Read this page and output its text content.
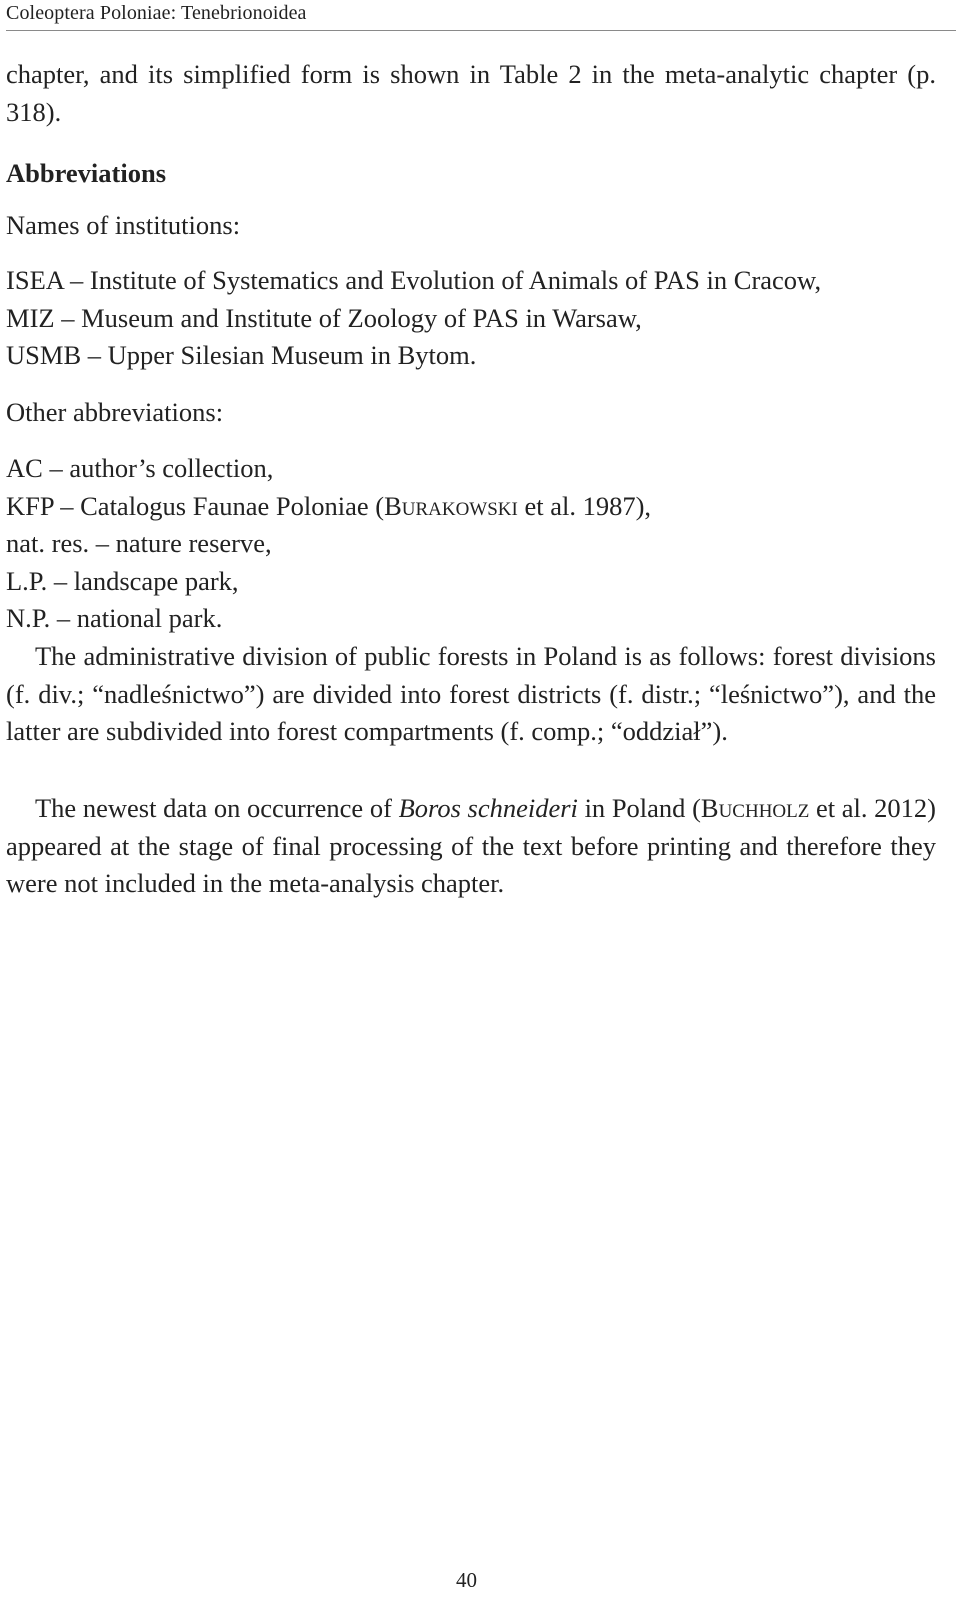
Coleoptera Poloniae: Tenebrionoidea

chapter, and its simplified form is shown in Table 2 in the meta-analytic chapter (p. 318).

Abbreviations

Names of institutions:

ISEA – Institute of Systematics and Evolution of Animals of PAS in Cracow,
MIZ – Museum and Institute of Zoology of PAS in Warsaw,
USMB – Upper Silesian Museum in Bytom.

Other abbreviations:

AC – author’s collection,
KFP – Catalogus Faunae Poloniae (Burakowski et al. 1987),
nat. res. – nature reserve,
L.P. – landscape park,
N.P. – national park.

The administrative division of public forests in Poland is as follows: forest divisions (f. div.; “nadleśnictwo”) are divided into forest districts (f. distr.; “leśnictwo”), and the latter are subdivided into forest compartments (f. comp.; “oddział”).

The newest data on occurrence of Boros schneideri in Poland (Buchholz et al. 2012) appeared at the stage of final processing of the text before printing and therefore they were not included in the meta-analysis chapter.

40
